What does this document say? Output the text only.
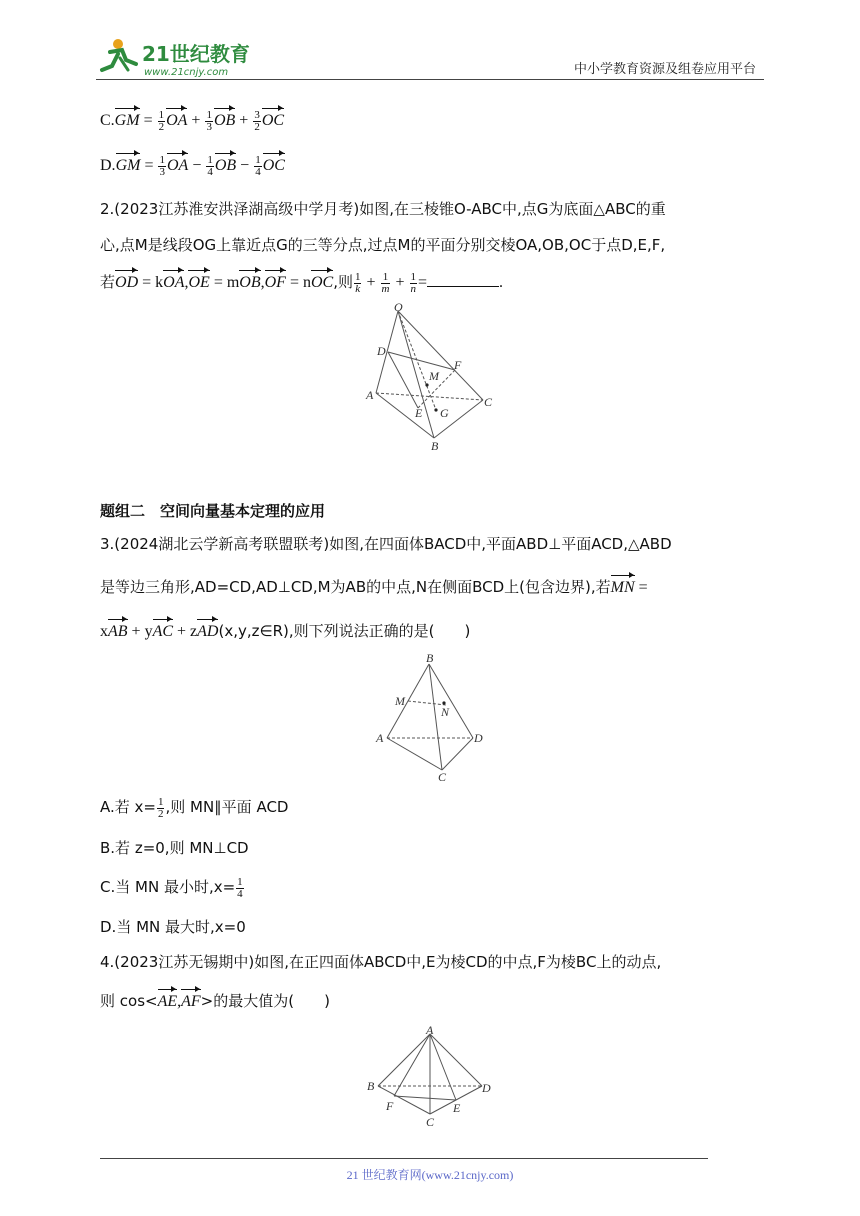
21世纪教育
www.21cnjy.com	中小学教育资源及组卷应用平台
$C.GM = \frac{1}{2}$ OA + $\frac{1}{3}$ OB + $\frac{3}{2}$ OC
$D.GM = \frac{1}{3}$ OA − $\frac{1}{4}$ OB − $\frac{1}{4}$ OC
2.(2023江苏淮安洪泽湖高级中学月考)如图,在三棱锥O-ABC中,点G为底面△ABC的重
心,点M是线段OG上靠近点G的三等分点,过点M的平面分别交棱OA,OB,OC于点D,E,F,
若OD = kOA,OE = mOB,OF = nOC,则 $\frac{1}{k} + \frac{1}{m} + \frac{1}{n}$ =	.
O
D
F
M
A
E G
C
B
题组二　空间向量基本定理的应用
3.(2024湖北云学新高考联盟联考)如图,在四面体BACD中,平面ABD⊥平面ACD,△ABD
是等边三角形,AD=CD,AD⊥CD,M为AB的中点,N在侧面BCD上(包含边界),若MN =
xAB + yAC + zAD(x,y,z∈R),则下列说法正确的是(　　)
B
M
N
A	D
C
A.若 $x= \frac{1}{2}$ ,则 MN∥平面 ACD
B.若 z=0,则 MN⊥CD
C.当 MN 最小时$,x= \frac{1}{4}$
D.当 MN 最大时,x=0
4.(2023江苏无锡期中)如图,在正四面体ABCD中,E为棱CD的中点,F为棱BC上的动点,
则 cos<AE,AF>的最大值为(　　)
A
B	D
F	E
C
21 世纪教育网(www.21cnjy.com)
